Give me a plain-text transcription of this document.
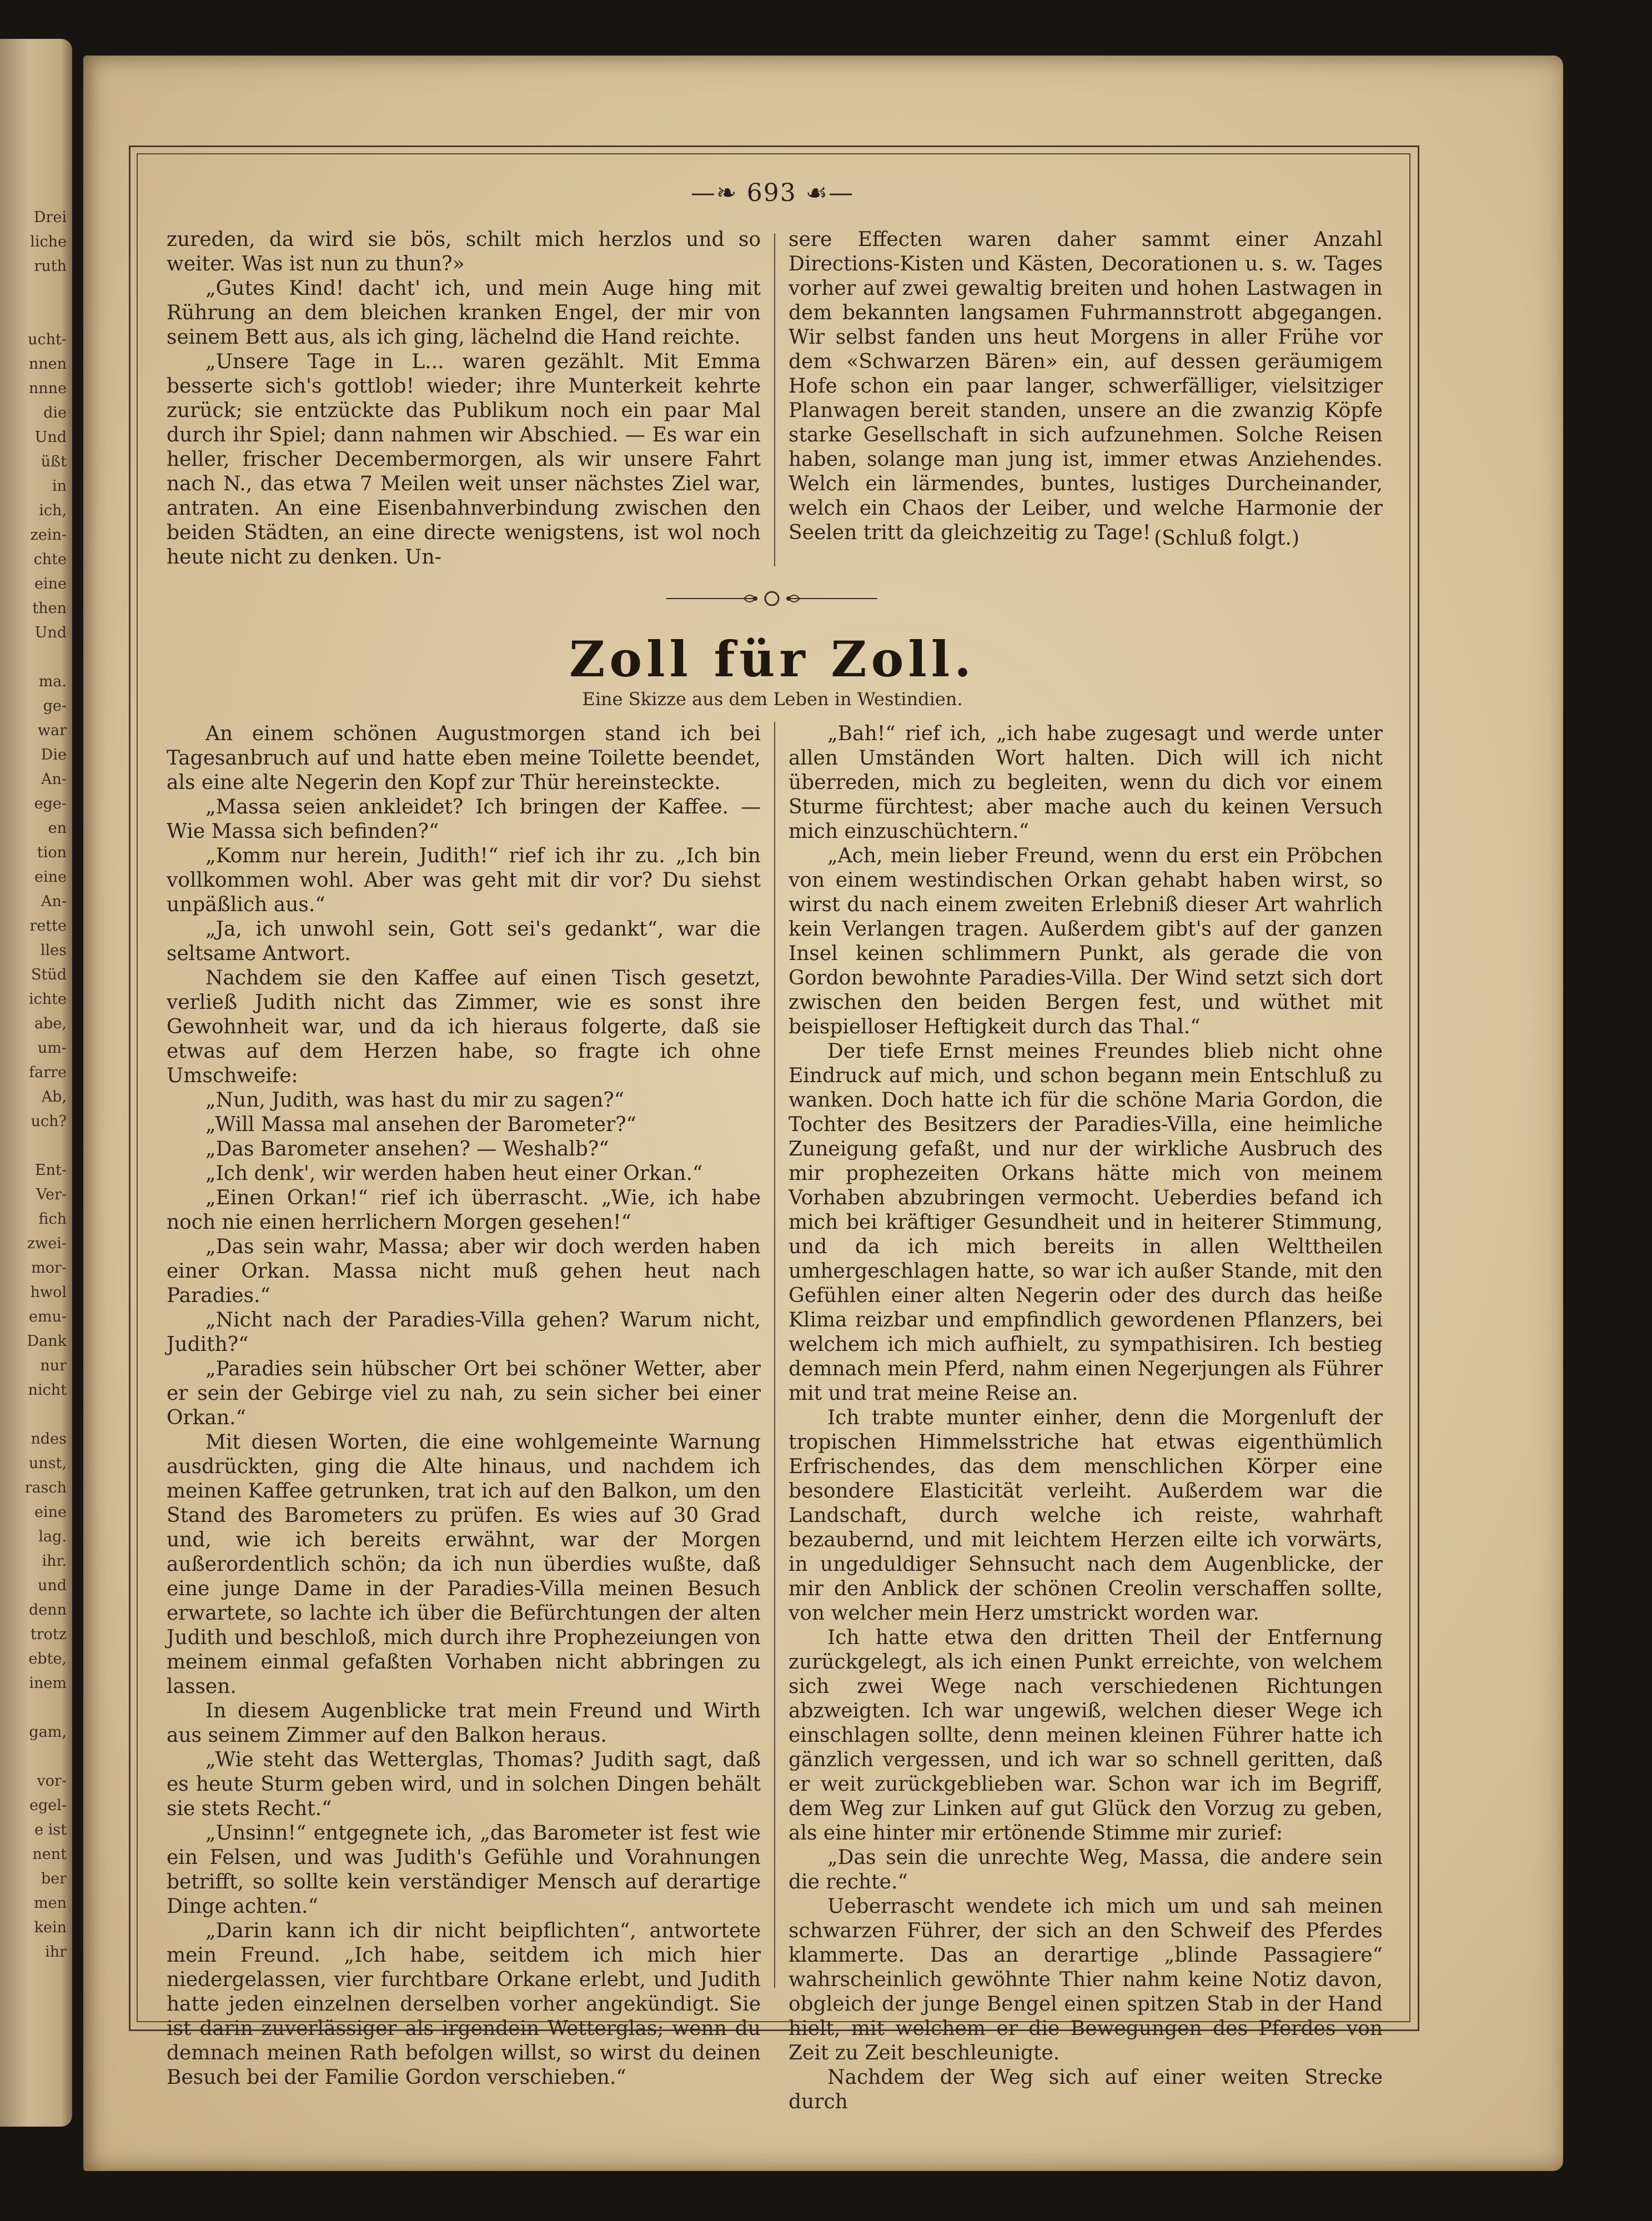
Drei
liche
ruth
ucht-
nnen
nnne
die
Und
üßt
in
ich,
zein-
chte
eine
then
Und
ma.
ge-
war
Die
An-
ege-
en
tion
eine
An-
rette
lles
Stüd
ichte
abe,
um-
farre
Ab,
uch?
Ent-
Ver-
fich
zwei-
mor-
hwol
emu-
Dank
nur
nicht
ndes
unst,
rasch
eine
lag.
ihr.
und
denn
trotz
ebte,
inem
gam,
vor-
egel-
e ist
nent
ber
men
kein
ihr
—❧ 693 ☙—

zureden, da wird sie bös, schilt mich herzlos und so weiter. Was ist nun zu thun?»

„Gutes Kind! dacht' ich, und mein Auge hing mit Rührung an dem bleichen kranken Engel, der mir von seinem Bett aus, als ich ging, lächelnd die Hand reichte.

„Unsere Tage in L... waren gezählt. Mit Emma besserte sich's gottlob! wieder; ihre Munterkeit kehrte zurück; sie entzückte das Publikum noch ein paar Mal durch ihr Spiel; dann nahmen wir Abschied. — Es war ein heller, frischer Decembermorgen, als wir unsere Fahrt nach N., das etwa 7 Meilen weit unser nächstes Ziel war, antraten. An eine Eisenbahnverbindung zwischen den beiden Städten, an eine directe wenigstens, ist wol noch heute nicht zu denken. Un-

sere Effecten waren daher sammt einer Anzahl Directions-Kisten und Kästen, Decorationen u. s. w. Tages vorher auf zwei gewaltig breiten und hohen Lastwagen in dem bekannten langsamen Fuhrmannstrott abgegangen. Wir selbst fanden uns heut Morgens in aller Frühe vor dem «Schwarzen Bären» ein, auf dessen geräumigem Hofe schon ein paar langer, schwerfälliger, vielsitziger Planwagen bereit standen, unsere an die zwanzig Köpfe starke Gesellschaft in sich aufzunehmen. Solche Reisen haben, solange man jung ist, immer etwas Anziehendes. Welch ein lärmendes, buntes, lustiges Durcheinander, welch ein Chaos der Leiber, und welche Harmonie der Seelen tritt da gleichzeitig zu Tage! (Schluß folgt.)

Zoll für Zoll.
Eine Skizze aus dem Leben in Westindien.

An einem schönen Augustmorgen stand ich bei Tagesanbruch auf und hatte eben meine Toilette beendet, als eine alte Negerin den Kopf zur Thür hereinsteckte.

„Massa seien ankleidet? Ich bringen der Kaffee. — Wie Massa sich befinden?“

„Komm nur herein, Judith!“ rief ich ihr zu. „Ich bin vollkommen wohl. Aber was geht mit dir vor? Du siehst unpäßlich aus.“

„Ja, ich unwohl sein, Gott sei's gedankt“, war die seltsame Antwort.

Nachdem sie den Kaffee auf einen Tisch gesetzt, verließ Judith nicht das Zimmer, wie es sonst ihre Gewohnheit war, und da ich hieraus folgerte, daß sie etwas auf dem Herzen habe, so fragte ich ohne Umschweife:

„Nun, Judith, was hast du mir zu sagen?“

„Will Massa mal ansehen der Barometer?“

„Das Barometer ansehen? — Weshalb?“

„Ich denk', wir werden haben heut einer Orkan.“

„Einen Orkan!“ rief ich überrascht. „Wie, ich habe noch nie einen herrlichern Morgen gesehen!“

„Das sein wahr, Massa; aber wir doch werden haben einer Orkan. Massa nicht muß gehen heut nach Paradies.“

„Nicht nach der Paradies-Villa gehen? Warum nicht, Judith?“

„Paradies sein hübscher Ort bei schöner Wetter, aber er sein der Gebirge viel zu nah, zu sein sicher bei einer Orkan.“

Mit diesen Worten, die eine wohlgemeinte Warnung ausdrückten, ging die Alte hinaus, und nachdem ich meinen Kaffee getrunken, trat ich auf den Balkon, um den Stand des Barometers zu prüfen. Es wies auf 30 Grad und, wie ich bereits erwähnt, war der Morgen außerordentlich schön; da ich nun überdies wußte, daß eine junge Dame in der Paradies-Villa meinen Besuch erwartete, so lachte ich über die Befürchtungen der alten Judith und beschloß, mich durch ihre Prophezeiungen von meinem einmal gefaßten Vorhaben nicht abbringen zu lassen.

In diesem Augenblicke trat mein Freund und Wirth aus seinem Zimmer auf den Balkon heraus.

„Wie steht das Wetterglas, Thomas? Judith sagt, daß es heute Sturm geben wird, und in solchen Dingen behält sie stets Recht.“

„Unsinn!“ entgegnete ich, „das Barometer ist fest wie ein Felsen, und was Judith's Gefühle und Vorahnungen betrifft, so sollte kein verständiger Mensch auf derartige Dinge achten.“

„Darin kann ich dir nicht beipflichten“, antwortete mein Freund. „Ich habe, seitdem ich mich hier niedergelassen, vier furchtbare Orkane erlebt, und Judith hatte jeden einzelnen derselben vorher angekündigt. Sie ist darin zuverlässiger als irgendein Wetterglas; wenn du demnach meinen Rath befolgen willst, so wirst du deinen Besuch bei der Familie Gordon verschieben.“

„Bah!“ rief ich, „ich habe zugesagt und werde unter allen Umständen Wort halten. Dich will ich nicht überreden, mich zu begleiten, wenn du dich vor einem Sturme fürchtest; aber mache auch du keinen Versuch mich einzuschüchtern.“

„Ach, mein lieber Freund, wenn du erst ein Pröbchen von einem westindischen Orkan gehabt haben wirst, so wirst du nach einem zweiten Erlebniß dieser Art wahrlich kein Verlangen tragen. Außerdem gibt's auf der ganzen Insel keinen schlimmern Punkt, als gerade die von Gordon bewohnte Paradies-Villa. Der Wind setzt sich dort zwischen den beiden Bergen fest, und wüthet mit beispielloser Heftigkeit durch das Thal.“

Der tiefe Ernst meines Freundes blieb nicht ohne Eindruck auf mich, und schon begann mein Entschluß zu wanken. Doch hatte ich für die schöne Maria Gordon, die Tochter des Besitzers der Paradies-Villa, eine heimliche Zuneigung gefaßt, und nur der wirkliche Ausbruch des mir prophezeiten Orkans hätte mich von meinem Vorhaben abzubringen vermocht. Ueberdies befand ich mich bei kräftiger Gesundheit und in heiterer Stimmung, und da ich mich bereits in allen Welttheilen umhergeschlagen hatte, so war ich außer Stande, mit den Gefühlen einer alten Negerin oder des durch das heiße Klima reizbar und empfindlich gewordenen Pflanzers, bei welchem ich mich aufhielt, zu sympathisiren. Ich bestieg demnach mein Pferd, nahm einen Negerjungen als Führer mit und trat meine Reise an.

Ich trabte munter einher, denn die Morgenluft der tropischen Himmelsstriche hat etwas eigenthümlich Erfrischendes, das dem menschlichen Körper eine besondere Elasticität verleiht. Außerdem war die Landschaft, durch welche ich reiste, wahrhaft bezaubernd, und mit leichtem Herzen eilte ich vorwärts, in ungeduldiger Sehnsucht nach dem Augenblicke, der mir den Anblick der schönen Creolin verschaffen sollte, von welcher mein Herz umstrickt worden war.

Ich hatte etwa den dritten Theil der Entfernung zurückgelegt, als ich einen Punkt erreichte, von welchem sich zwei Wege nach verschiedenen Richtungen abzweigten. Ich war ungewiß, welchen dieser Wege ich einschlagen sollte, denn meinen kleinen Führer hatte ich gänzlich vergessen, und ich war so schnell geritten, daß er weit zurückgeblieben war. Schon war ich im Begriff, dem Weg zur Linken auf gut Glück den Vorzug zu geben, als eine hinter mir ertönende Stimme mir zurief:

„Das sein die unrechte Weg, Massa, die andere sein die rechte.“

Ueberrascht wendete ich mich um und sah meinen schwarzen Führer, der sich an den Schweif des Pferdes klammerte. Das an derartige „blinde Passagiere“ wahrscheinlich gewöhnte Thier nahm keine Notiz davon, obgleich der junge Bengel einen spitzen Stab in der Hand hielt, mit welchem er die Bewegungen des Pferdes von Zeit zu Zeit beschleunigte.

Nachdem der Weg sich auf einer weiten Strecke durch
